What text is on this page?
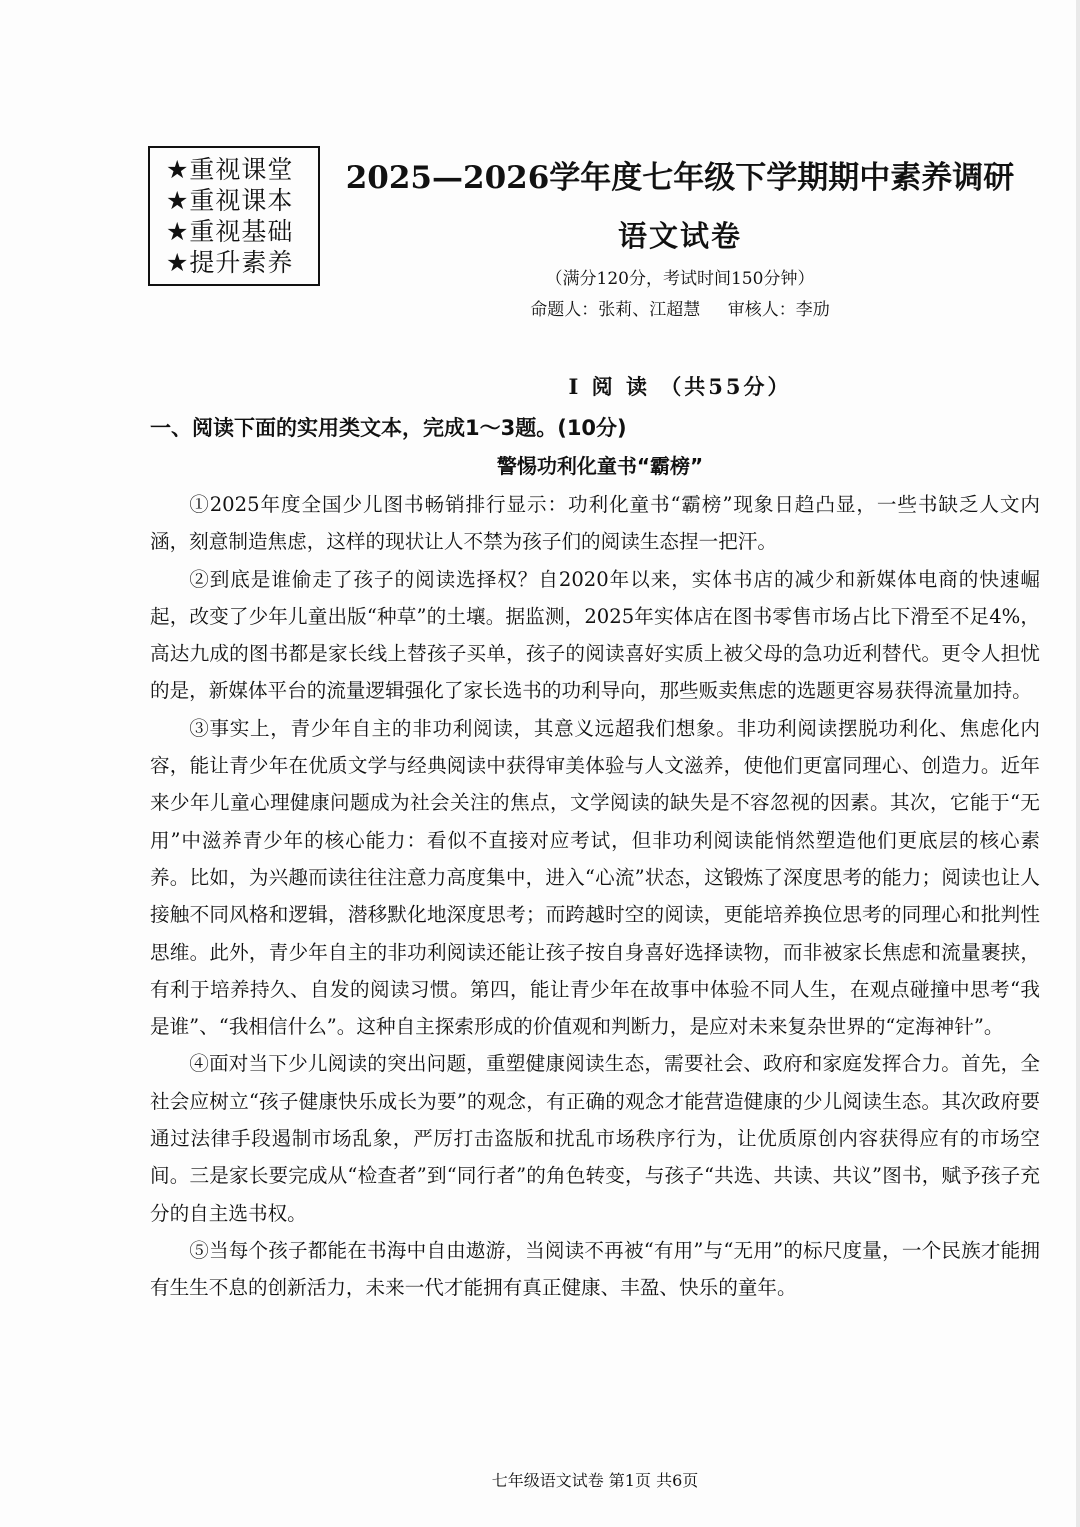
★重视课堂
★重视课本
★重视基础
★提升素养
2025—2026学年度七年级下学期期中素养调研
语文试卷
（满分120分，考试时间150分钟）
命题人：张莉、江超慧 审核人：李劢
Ⅰ 阅 读 （共55分）
一、阅读下面的实用类文本，完成1～3题。(10分)
警惕功利化童书“霸榜”

①2025年度全国少儿图书畅销排行显示：功利化童书“霸榜”现象日趋凸显，一些书缺乏人文内涵，刻意制造焦虑，这样的现状让人不禁为孩子们的阅读生态捏一把汗。

②到底是谁偷走了孩子的阅读选择权？自2020年以来，实体书店的减少和新媒体电商的快速崛起，改变了少年儿童出版“种草”的土壤。据监测，2025年实体店在图书零售市场占比下滑至不足4%，高达九成的图书都是家长线上替孩子买单，孩子的阅读喜好实质上被父母的急功近利替代。更令人担忧的是，新媒体平台的流量逻辑强化了家长选书的功利导向，那些贩卖焦虑的选题更容易获得流量加持。

③事实上，青少年自主的非功利阅读，其意义远超我们想象。非功利阅读摆脱功利化、焦虑化内容，能让青少年在优质文学与经典阅读中获得审美体验与人文滋养，使他们更富同理心、创造力。近年来少年儿童心理健康问题成为社会关注的焦点，文学阅读的缺失是不容忽视的因素。其次，它能于“无用”中滋养青少年的核心能力：看似不直接对应考试，但非功利阅读能悄然塑造他们更底层的核心素养。比如，为兴趣而读往往注意力高度集中，进入“心流”状态，这锻炼了深度思考的能力；阅读也让人接触不同风格和逻辑，潜移默化地深度思考；而跨越时空的阅读，更能培养换位思考的同理心和批判性思维。此外，青少年自主的非功利阅读还能让孩子按自身喜好选择读物，而非被家长焦虑和流量裹挟，有利于培养持久、自发的阅读习惯。第四，能让青少年在故事中体验不同人生，在观点碰撞中思考“我是谁”、“我相信什么”。这种自主探索形成的价值观和判断力，是应对未来复杂世界的“定海神针”。

④面对当下少儿阅读的突出问题，重塑健康阅读生态，需要社会、政府和家庭发挥合力。首先，全社会应树立“孩子健康快乐成长为要”的观念，有正确的观念才能营造健康的少儿阅读生态。其次政府要通过法律手段遏制市场乱象，严厉打击盗版和扰乱市场秩序行为，让优质原创内容获得应有的市场空间。三是家长要完成从“检查者”到“同行者”的角色转变，与孩子“共选、共读、共议”图书，赋予孩子充分的自主选书权。

⑤当每个孩子都能在书海中自由遨游，当阅读不再被“有用”与“无用”的标尺度量，一个民族才能拥有生生不息的创新活力，未来一代才能拥有真正健康、丰盈、快乐的童年。

七年级语文试卷 第1页 共6页
